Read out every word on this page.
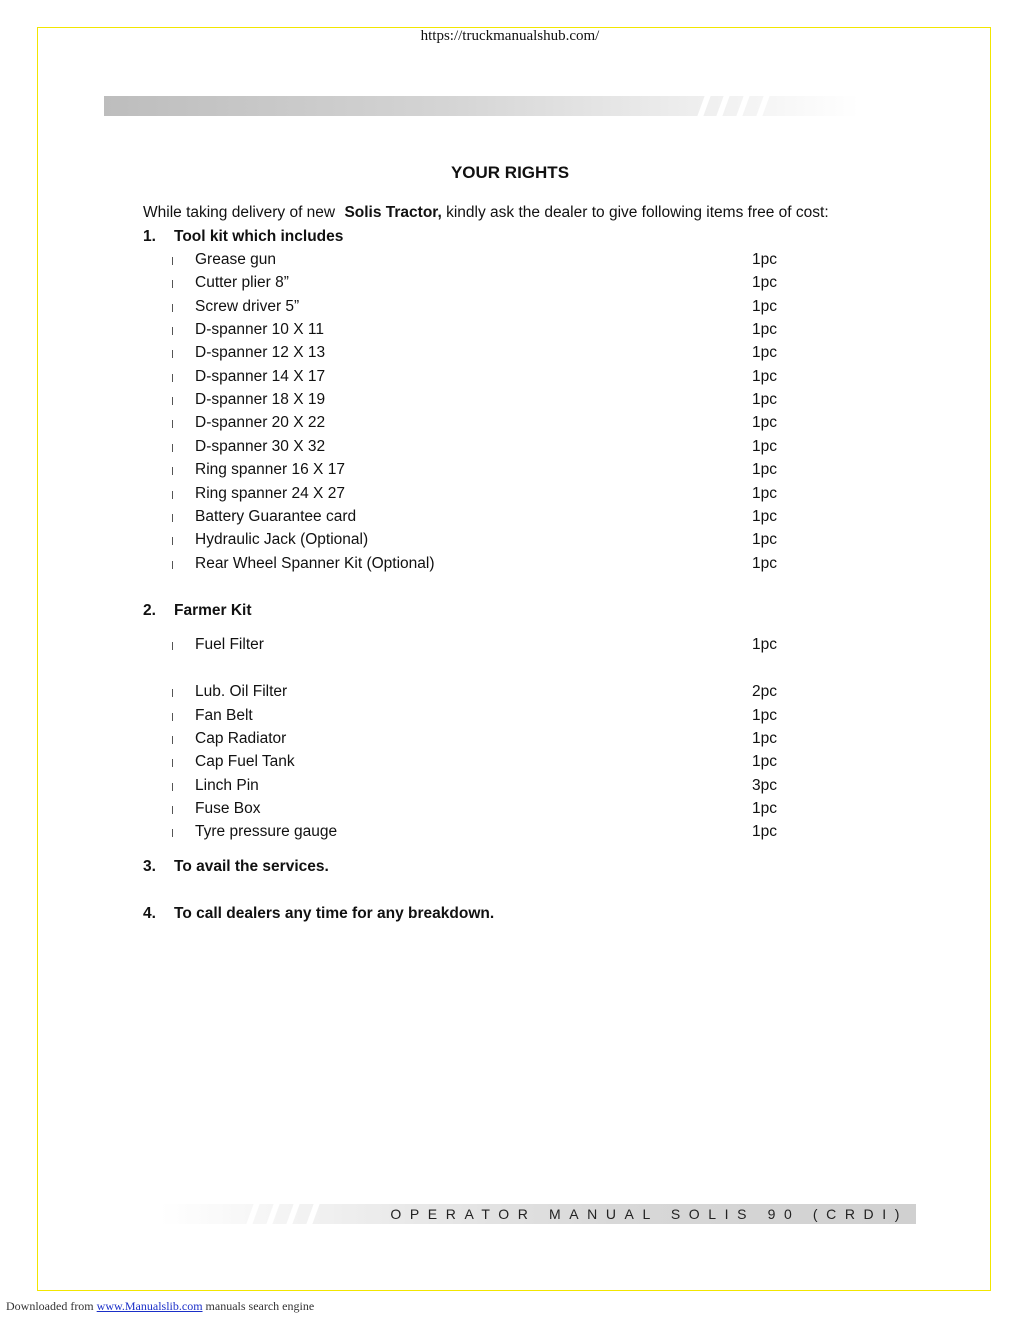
https://truckmanualshub.com/
YOUR RIGHTS
While taking delivery of new Solis Tractor, kindly ask the dealer to give following items free of cost:
1. Tool kit which includes
Grease gun	1pc
Cutter plier 8”	1pc
Screw driver 5”	1pc
D-spanner 10 X 11	1pc
D-spanner 12 X 13	1pc
D-spanner 14 X 17	1pc
D-spanner 18 X 19	1pc
D-spanner 20 X 22	1pc
D-spanner 30 X 32	1pc
Ring spanner 16 X 17	1pc
Ring spanner 24 X 27	1pc
Battery Guarantee card	1pc
Hydraulic Jack (Optional)	1pc
Rear Wheel Spanner Kit (Optional)	1pc
2. Farmer Kit
Fuel Filter	1pc
Lub. Oil Filter	2pc
Fan Belt	1pc
Cap Radiator	1pc
Cap Fuel Tank	1pc
Linch Pin	3pc
Fuse Box	1pc
Tyre pressure gauge	1pc
3. To avail the services.
4. To call dealers any time for any breakdown.
OPERATOR MANUAL SOLIS 90 (CRDI)
Downloaded from www.Manualslib.com manuals search engine
